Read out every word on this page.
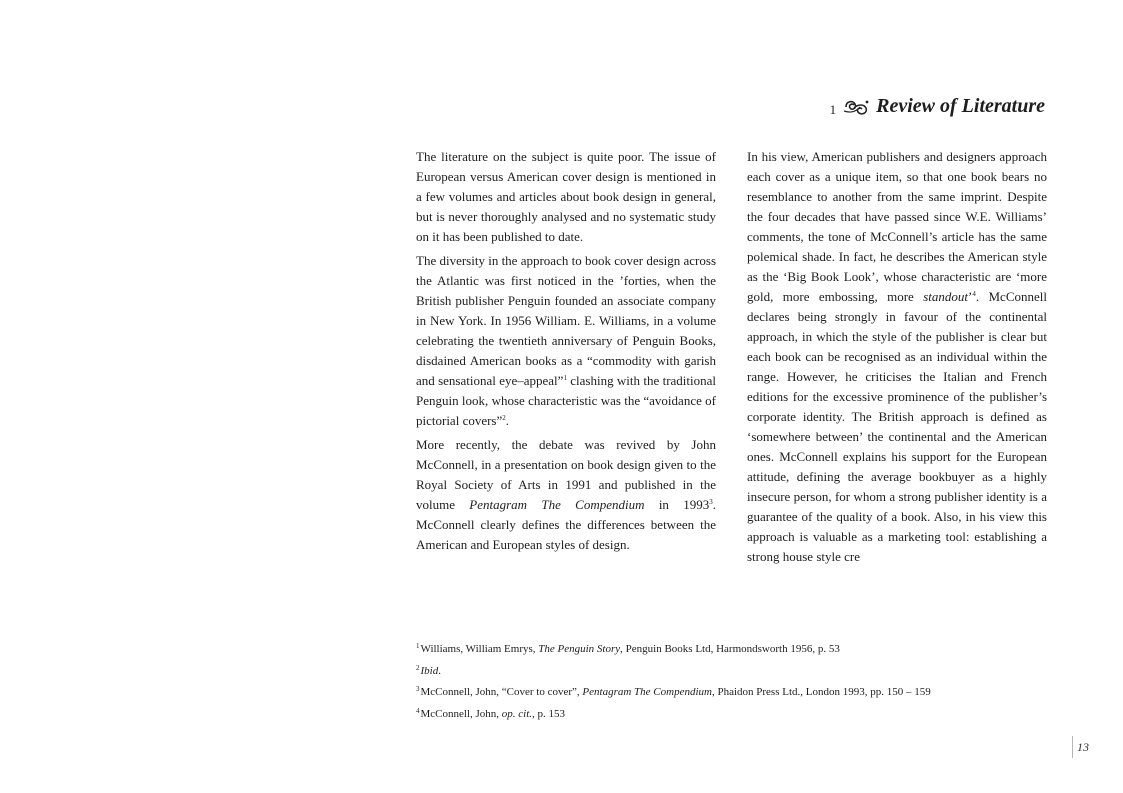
1 Review of Literature

The literature on the subject is quite poor. The issue of European versus American cover design is mentioned in a few volumes and articles about book design in general, but is never thoroughly analysed and no systematic study on it has been published to date.

The diversity in the approach to book cover design across the Atlantic was first noticed in the ’forties, when the British publisher Penguin founded an associate company in New York. In 1956 William. E. Williams, in a volume celebrating the twentieth anniversary of Penguin Books, disdained American books as a “commodity with garish and sensational eye–appeal”$^1$ clashing with the traditional Penguin look, whose characteristic was the “avoidance of pictorial covers”$^2$.

More recently, the debate was revived by John McConnell, in a presentation on book design given to the Royal Society of Arts in 1991 and published in the volume Pentagram The Compendium in 1993$^3$. McConnell clearly defines the differences between the American and European styles of design.

In his view, American publishers and designers approach each cover as a unique item, so that one book bears no resemblance to another from the same imprint. Despite the four decades that have passed since W.E. Williams’ comments, the tone of McConnell’s article has the same polemical shade. In fact, he describes the American style as the ‘Big Book Look’, whose characteristic are ‘more gold, more embossing, more standout’$^4$. McConnell declares being strongly in favour of the continental approach, in which the style of the publisher is clear but each book can be recognised as an individual within the range. However, he criticises the Italian and French editions for the excessive prominence of the publisher’s corporate identity. The British approach is defined as ‘somewhere between’ the continental and the American ones. McConnell explains his support for the European attitude, defining the average bookbuyer as a highly insecure person, for whom a strong publisher identity is a guarantee of the quality of a book. Also, in his view this approach is valuable as a marketing tool: establishing a strong house style cre

$^1$Williams, William Emrys, The Penguin Story, Penguin Books Ltd, Harmondsworth 1956, p. 53
$^2$Ibid.
$^3$McConnell, John, “Cover to cover”, Pentagram The Compendium, Phaidon Press Ltd., London 1993, pp. 150 – 159
$^4$McConnell, John, op. cit., p. 153
13
